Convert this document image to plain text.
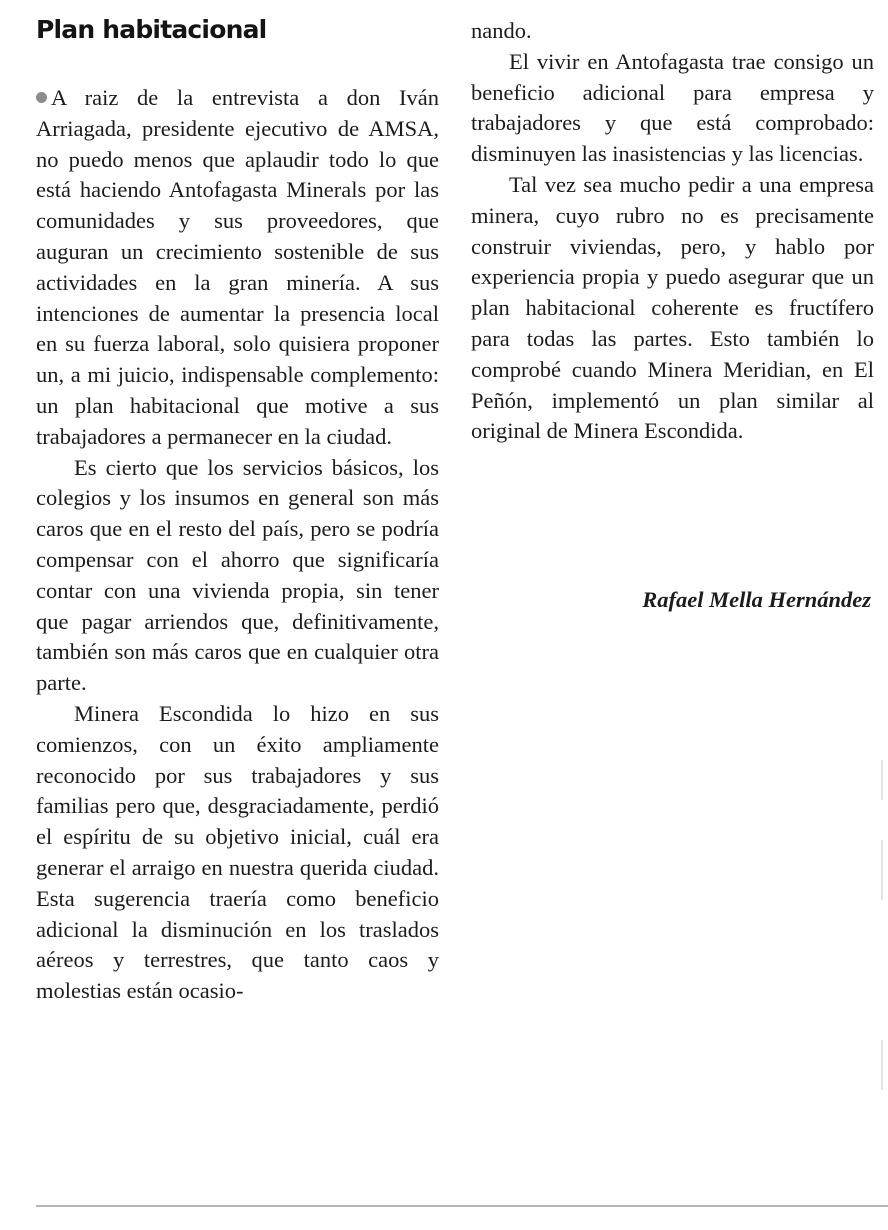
Plan habitacional

A raiz de la entrevista a don Iván Arriagada, presidente ejecutivo de AMSA, no puedo menos que aplaudir todo lo que está haciendo Antofagasta Minerals por las comunidades y sus proveedores, que auguran un crecimiento sostenible de sus actividades en la gran minería. A sus intenciones de aumentar la presencia local en su fuerza laboral, solo quisiera proponer un, a mi juicio, indispensable complemento: un plan habitacional que motive a sus trabajadores a permanecer en la ciudad.

Es cierto que los servicios básicos, los colegios y los insumos en general son más caros que en el resto del país, pero se podría compensar con el ahorro que significaría contar con una vivienda propia, sin tener que pagar arriendos que, definitivamente, también son más caros que en cualquier otra parte.

Minera Escondida lo hizo en sus comienzos, con un éxito ampliamente reconocido por sus trabajadores y sus familias pero que, desgraciadamente, perdió el espíritu de su objetivo inicial, cuál era generar el arraigo en nuestra querida ciudad. Esta sugerencia traería como beneficio adicional la disminución en los traslados aéreos y terrestres, que tanto caos y molestias están ocasio-

nando.

El vivir en Antofagasta trae consigo un beneficio adicional para empresa y trabajadores y que está comprobado: disminuyen las inasistencias y las licencias.

Tal vez sea mucho pedir a una empresa minera, cuyo rubro no es precisamente construir viviendas, pero, y hablo por experiencia propia y puedo asegurar que un plan habitacional coherente es fructífero para todas las partes. Esto también lo comprobé cuando Minera Meridian, en El Peñón, implementó un plan similar al original de Minera Escondida.

Rafael Mella Hernández
